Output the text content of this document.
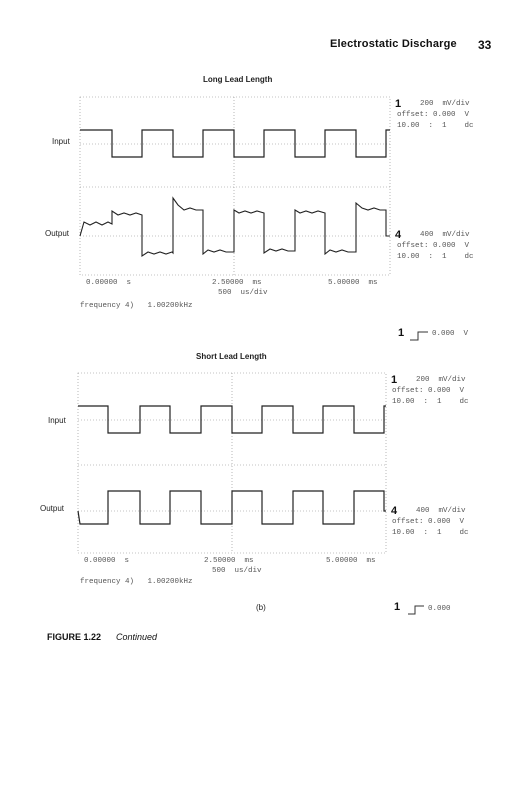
Electrostatic Discharge 33
Long Lead Length
Input
Output
1	200  mV/div
offset: 0.000  V
10.00  :  1    dc
4	400  mV/div
offset: 0.000  V
10.00  :  1    dc
0.00000  s	2.50000  ms	5.00000  ms
500  us/div
frequency 4)   1.00200kHz
1	0.000  V
Short Lead Length
Input
Output
1	200  mV/div
offset: 0.000  V
10.00  :  1    dc
4	400  mV/div
offset: 0.000  V
10.00  :  1    dc
0.00000  s	2.50000  ms	5.00000  ms
500  us/div
frequency 4)   1.00200kHz
(b)	1	0.000
FIGURE 1.22 Continued
